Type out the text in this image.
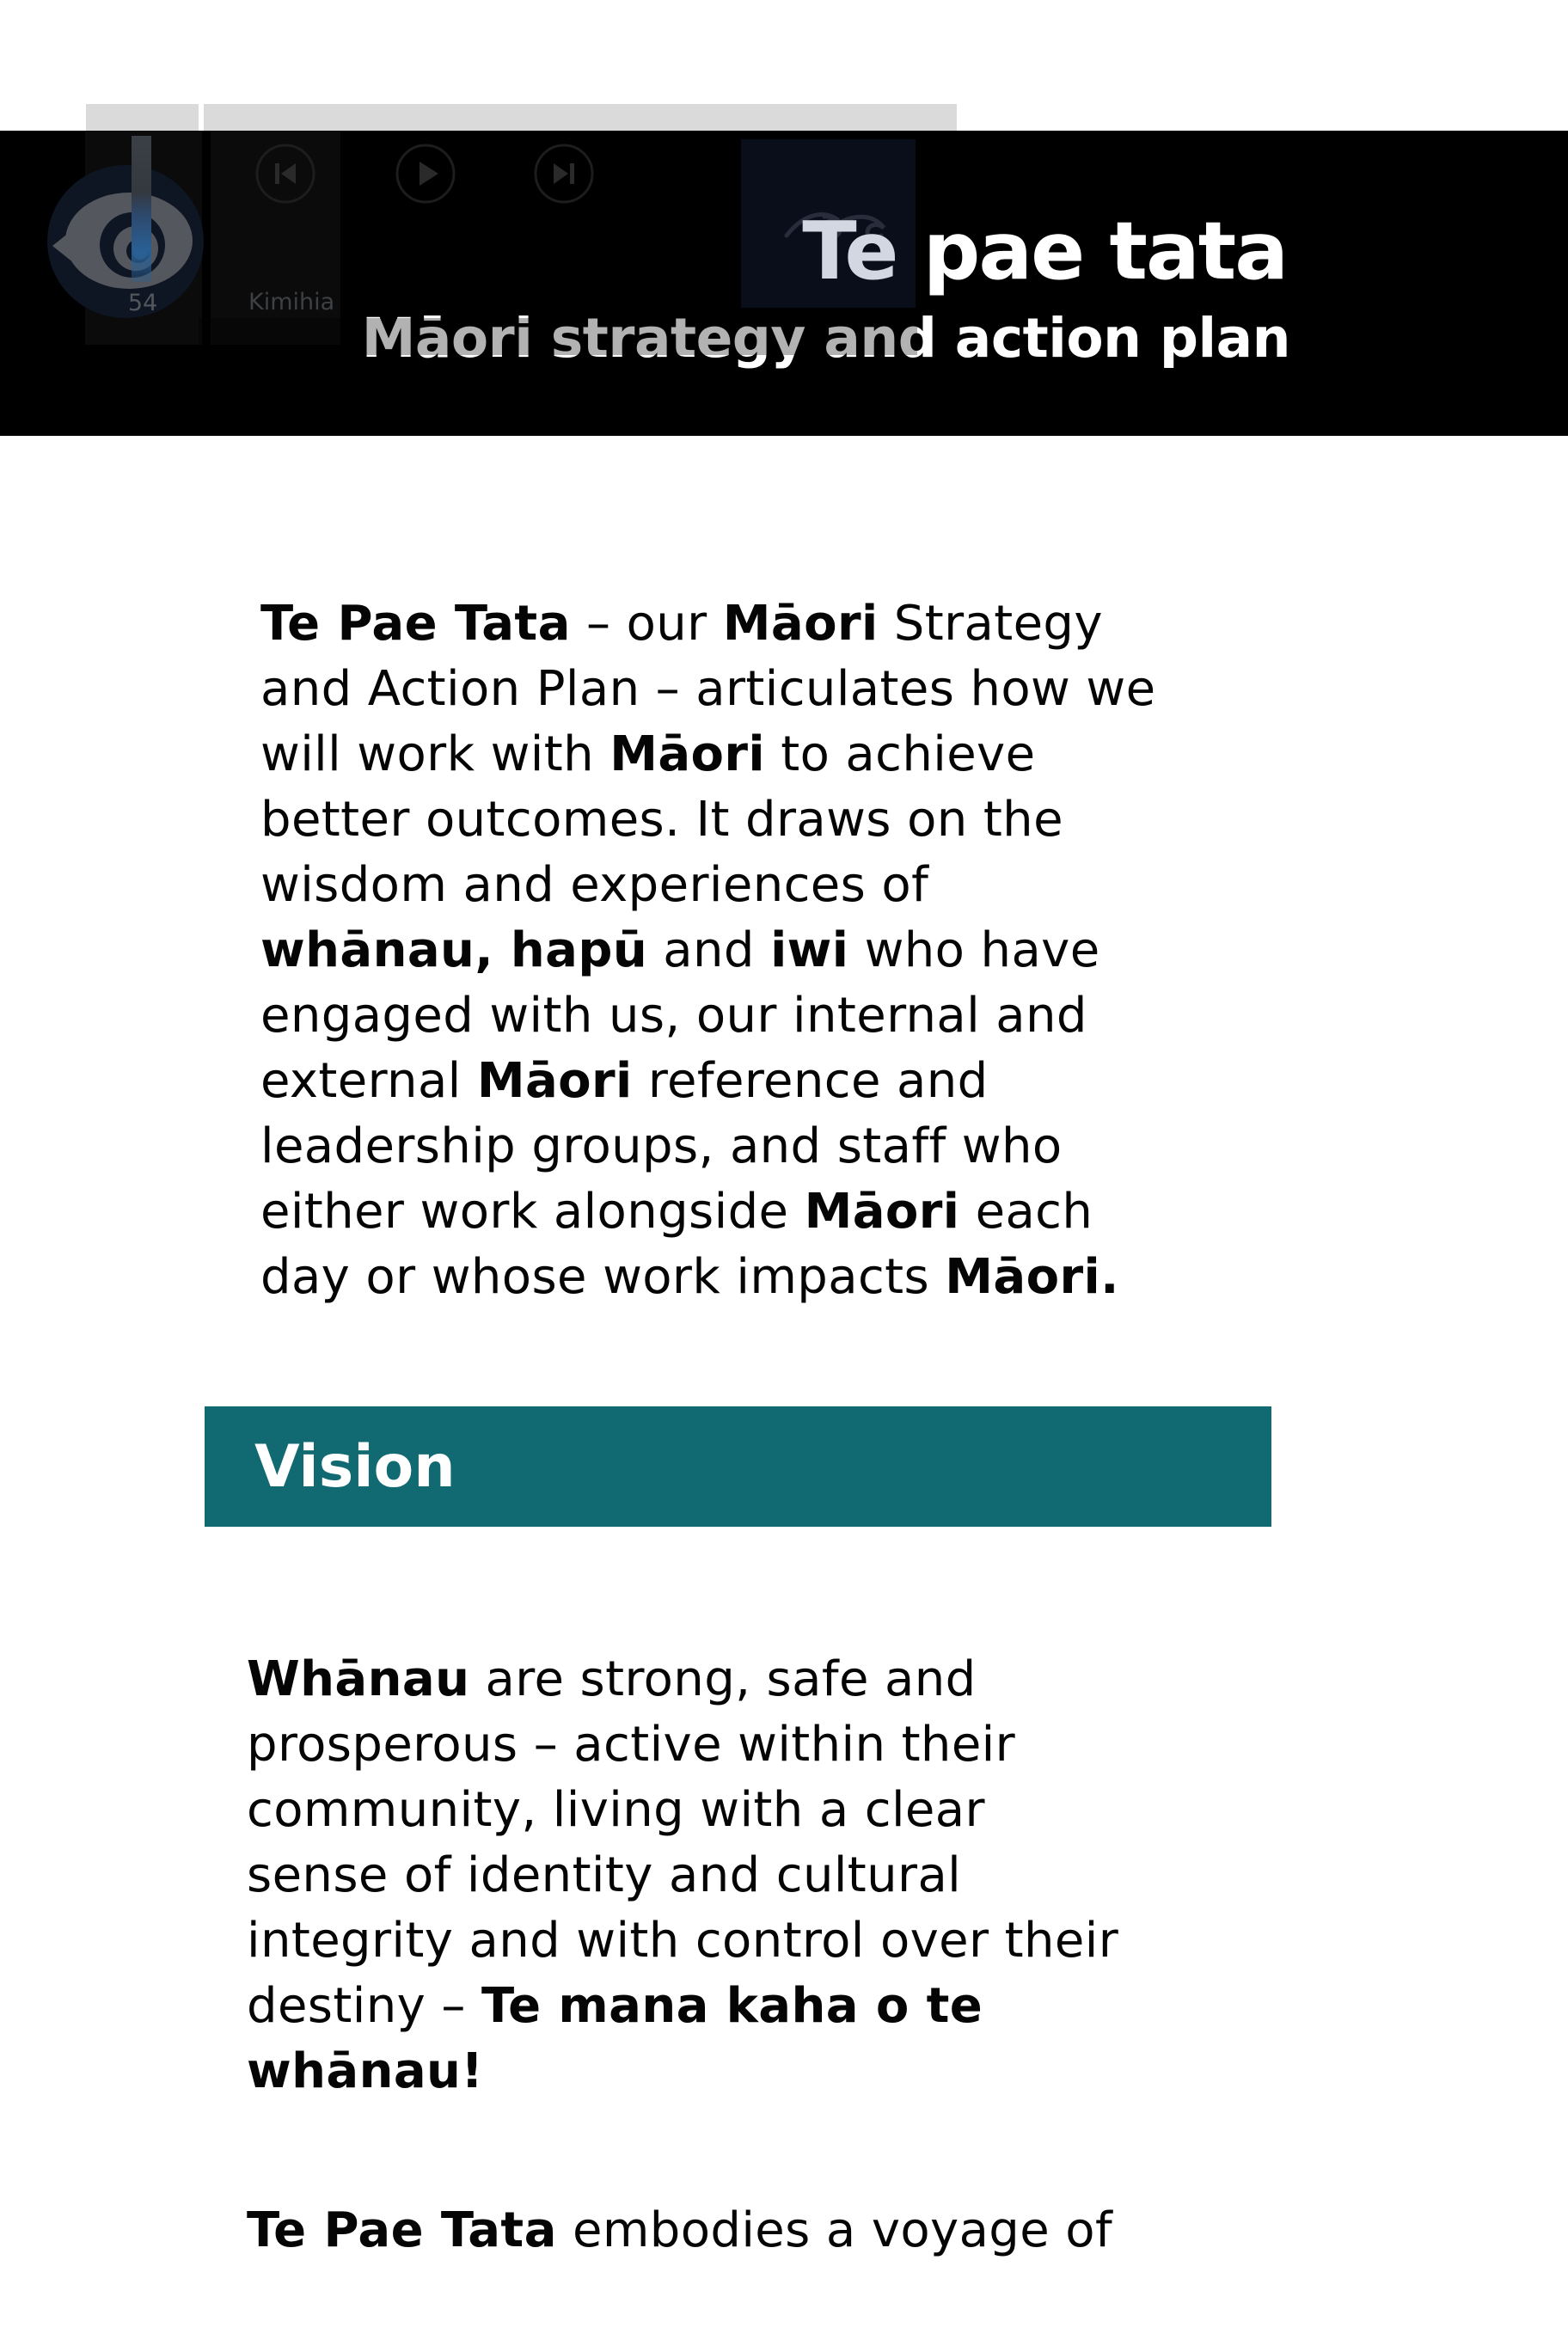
54	Kimihia
Te pae tata
Māori strategy and action plan

Te Pae Tata – our Māori Strategy
and Action Plan – articulates how we
will work with Māori to achieve
better outcomes. It draws on the
wisdom and experiences of
whānau, hapū and iwi who have
engaged with us, our internal and
external Māori reference and
leadership groups, and staff who
either work alongside Māori each
day or whose work impacts Māori.

Vision

Whānau are strong, safe and
prosperous – active within their
community, living with a clear
sense of identity and cultural
integrity and with control over their
destiny – Te mana kaha o te
whānau!

Te Pae Tata embodies a voyage of
